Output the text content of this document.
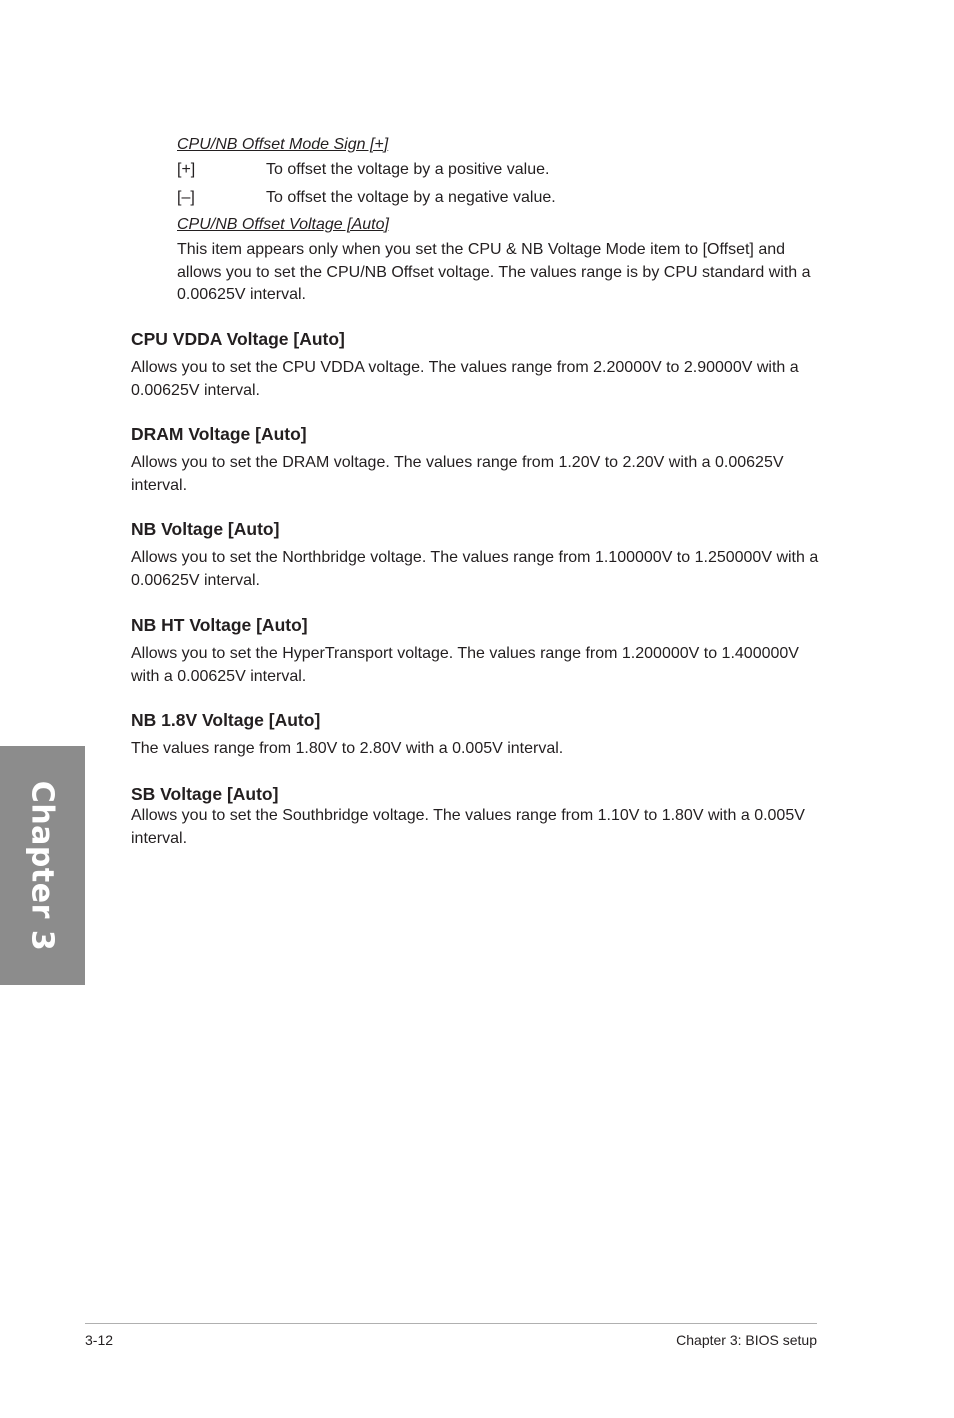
CPU/NB Offset Mode Sign [+]
[+]	To offset the voltage by a positive value.
[–]	To offset the voltage by a negative value.
CPU/NB Offset Voltage [Auto]
This item appears only when you set the CPU & NB Voltage Mode item to [Offset] and allows you to set the CPU/NB Offset voltage. The values range is by CPU standard with a 0.00625V interval.
CPU VDDA Voltage [Auto]
Allows you to set the CPU VDDA voltage. The values range from 2.20000V to 2.90000V with a 0.00625V interval.
DRAM Voltage [Auto]
Allows you to set the DRAM voltage. The values range from 1.20V to 2.20V with a 0.00625V interval.
NB Voltage [Auto]
Allows you to set the Northbridge voltage. The values range from 1.100000V to 1.250000V with a 0.00625V interval.
NB HT Voltage [Auto]
Allows you to set the HyperTransport voltage. The values range from 1.200000V to 1.400000V with a 0.00625V interval.
NB 1.8V Voltage [Auto]
The values range from 1.80V to 2.80V with a 0.005V interval.
SB Voltage [Auto]
Allows you to set the Southbridge voltage. The values range from 1.10V to 1.80V with a 0.005V interval.
Chapter 3
3-12	Chapter 3: BIOS setup
